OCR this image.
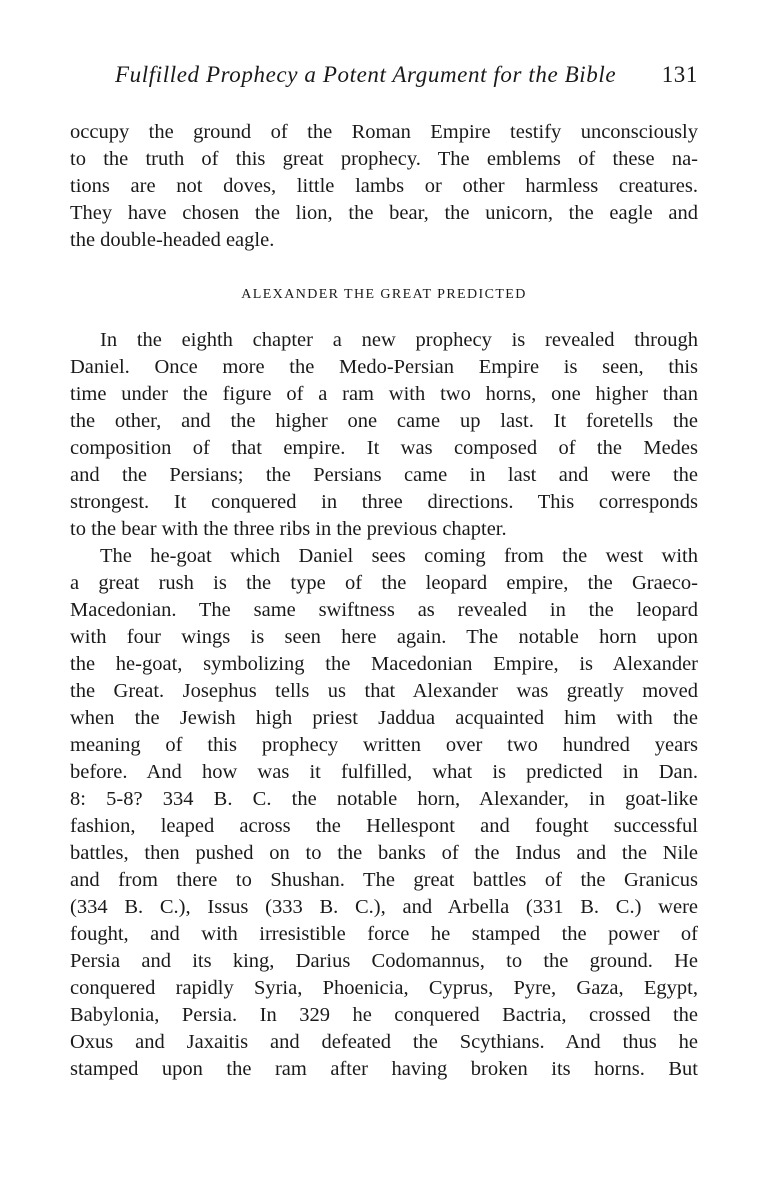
Fulfilled Prophecy a Potent Argument for the Bible 131
occupy the ground of the Roman Empire testify unconsciously
to the truth of this great prophecy. The emblems of these na-
tions are not doves, little lambs or other harmless creatures.
They have chosen the lion, the bear, the unicorn, the eagle and
the double-headed eagle.
ALEXANDER THE GREAT PREDICTED
In the eighth chapter a new prophecy is revealed through
Daniel. Once more the Medo-Persian Empire is seen, this
time under the figure of a ram with two horns, one higher than
the other, and the higher one came up last. It foretells the
composition of that empire. It was composed of the Medes
and the Persians; the Persians came in last and were the
strongest. It conquered in three directions. This corresponds
to the bear with the three ribs in the previous chapter.
The he-goat which Daniel sees coming from the west with
a great rush is the type of the leopard empire, the Graeco-
Macedonian. The same swiftness as revealed in the leopard
with four wings is seen here again. The notable horn upon
the he-goat, symbolizing the Macedonian Empire, is Alexander
the Great. Josephus tells us that Alexander was greatly moved
when the Jewish high priest Jaddua acquainted him with the
meaning of this prophecy written over two hundred years
before. And how was it fulfilled, what is predicted in Dan.
8: 5-8? 334 B. C. the notable horn, Alexander, in goat-like
fashion, leaped across the Hellespont and fought successful
battles, then pushed on to the banks of the Indus and the Nile
and from there to Shushan. The great battles of the Granicus
(334 B. C.), Issus (333 B. C.), and Arbella (331 B. C.) were
fought, and with irresistible force he stamped the power of
Persia and its king, Darius Codomannus, to the ground. He
conquered rapidly Syria, Phoenicia, Cyprus, Pyre, Gaza, Egypt,
Babylonia, Persia. In 329 he conquered Bactria, crossed the
Oxus and Jaxaitis and defeated the Scythians. And thus he
stamped upon the ram after having broken its horns. But
